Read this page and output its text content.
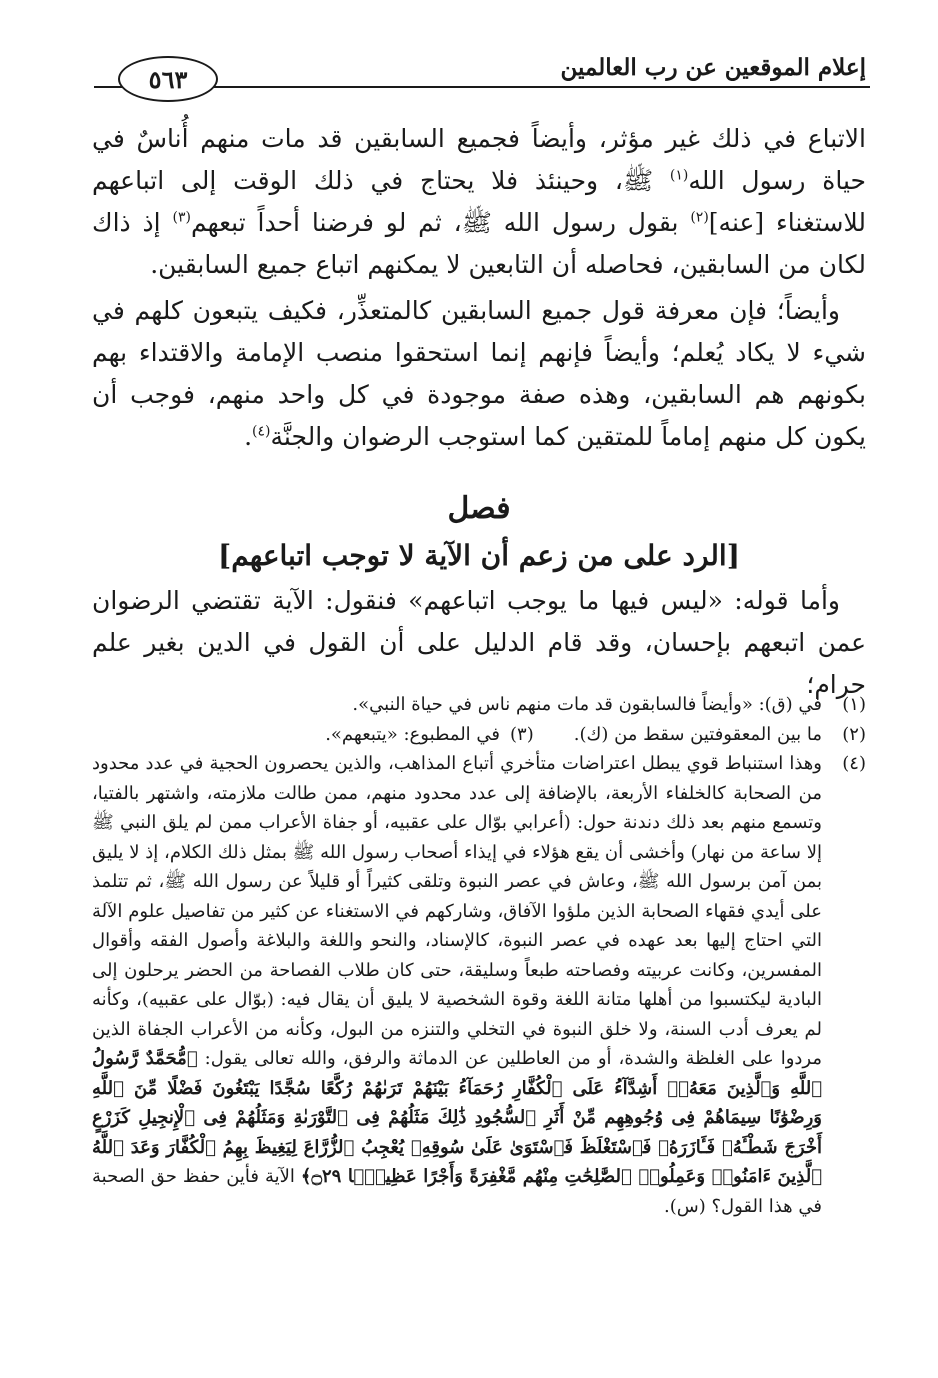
إعلام الموقعين عن رب العالمين
٥٦٣

الاتباع في ذلك غير مؤثر، وأيضاً فجميع السابقين قد مات منهم أُناسٌ في حياة رسول الله$^{(١)}$ ﷺ، وحينئذ فلا يحتاج في ذلك الوقت إلى اتباعهم للاستغناء [عنه]$^{(٢)}$ بقول رسول الله ﷺ، ثم لو فرضنا أحداً تبعهم$^{(٣)}$ إذ ذاك لكان من السابقين، فحاصله أن التابعين لا يمكنهم اتباع جميع السابقين.

وأيضاً؛ فإن معرفة قول جميع السابقين كالمتعذِّر، فكيف يتبعون كلهم في شيء لا يكاد يُعلم؛ وأيضاً فإنهم إنما استحقوا منصب الإمامة والاقتداء بهم بكونهم هم السابقين، وهذه صفة موجودة في كل واحد منهم، فوجب أن يكون كل منهم إماماً للمتقين كما استوجب الرضوان والجنَّة$^{(٤)}$.

فصل
[الرد على من زعم أن الآية لا توجب اتباعهم]

وأما قوله: «ليس فيها ما يوجب اتباعهم» فنقول: الآية تقتضي الرضوان عمن اتبعهم بإحسان، وقد قام الدليل على أن القول في الدين بغير علم حرام؛

(١)
في (ق): «وأيضاً فالسابقون قد مات منهم ناس في حياة النبي».
(٢)
ما بين المعقوفتين سقط من (ك).
(٣)
في المطبوع: «يتبعهم».
(٤)
وهذا استنباط قوي يبطل اعتراضات متأخري أتباع المذاهب، والذين يحصرون الحجية في عدد محدود من الصحابة كالخلفاء الأربعة، بالإضافة إلى عدد محدود منهم، ممن طالت ملازمته، واشتهر بالفتيا، وتسمع منهم بعد ذلك دندنة حول: (أعرابي بوّال على عقبيه، أو جفاة الأعراب ممن لم يلق النبي ﷺ إلا ساعة من نهار) وأخشى أن يقع هؤلاء في إيذاء أصحاب رسول الله ﷺ بمثل ذلك الكلام، إذ لا يليق بمن آمن برسول الله ﷺ، وعاش في عصر النبوة وتلقى كثيراً أو قليلاً عن رسول الله ﷺ، ثم تتلمذ على أيدي فقهاء الصحابة الذين ملؤوا الآفاق، وشاركهم في الاستغناء عن كثير من تفاصيل علوم الآلة التي احتاج إليها بعد عهده في عصر النبوة، كالإسناد، والنحو واللغة والبلاغة وأصول الفقه وأقوال المفسرين، وكانت عربيته وفصاحته طبعاً وسليقة، حتى كان طلاب الفصاحة من الحضر يرحلون إلى البادية ليكتسبوا من أهلها متانة اللغة وقوة الشخصية لا يليق أن يقال فيه: (بوّال على عقبيه)، وكأنه لم يعرف أدب السنة، ولا خلق النبوة في التخلي والتنزه من البول، وكأنه من الأعراب الجفاة الذين مردوا على الغلظة والشدة، أو من العاطلين عن الدماثة والرفق، والله تعالى يقول: ﴿مُّحَمَّدٌ رَّسُولُ ٱللَّهِ وَٱلَّذِينَ مَعَهُۥٓ أَشِدَّآءُ عَلَى ٱلْكُفَّارِ رُحَمَآءُ بَيْنَهُمْ تَرَىٰهُمْ رُكَّعًا سُجَّدًا يَبْتَغُونَ فَضْلًا مِّنَ ٱللَّهِ وَرِضْوَٰنًا سِيمَاهُمْ فِى وُجُوهِهِم مِّنْ أَثَرِ ٱلسُّجُودِ ذَٰلِكَ مَثَلُهُمْ فِى ٱلتَّوْرَىٰةِ وَمَثَلُهُمْ فِى ٱلْإِنجِيلِ كَزَرْعٍ أَخْرَجَ شَطْـَٔهُۥ فَـَٔازَرَهُۥ فَٱسْتَغْلَظَ فَٱسْتَوَىٰ عَلَىٰ سُوقِهِۦ يُعْجِبُ ٱلزُّرَّاعَ لِيَغِيظَ بِهِمُ ٱلْكُفَّارَ وَعَدَ ٱللَّهُ ٱلَّذِينَ ءَامَنُوا۟ وَعَمِلُوا۟ ٱلصَّٰلِحَٰتِ مِنْهُم مَّغْفِرَةً وَأَجْرًا عَظِيمًۢا ۝٢٩﴾ الآية فأين حفظ حق الصحبة في هذا القول؟ (س).
